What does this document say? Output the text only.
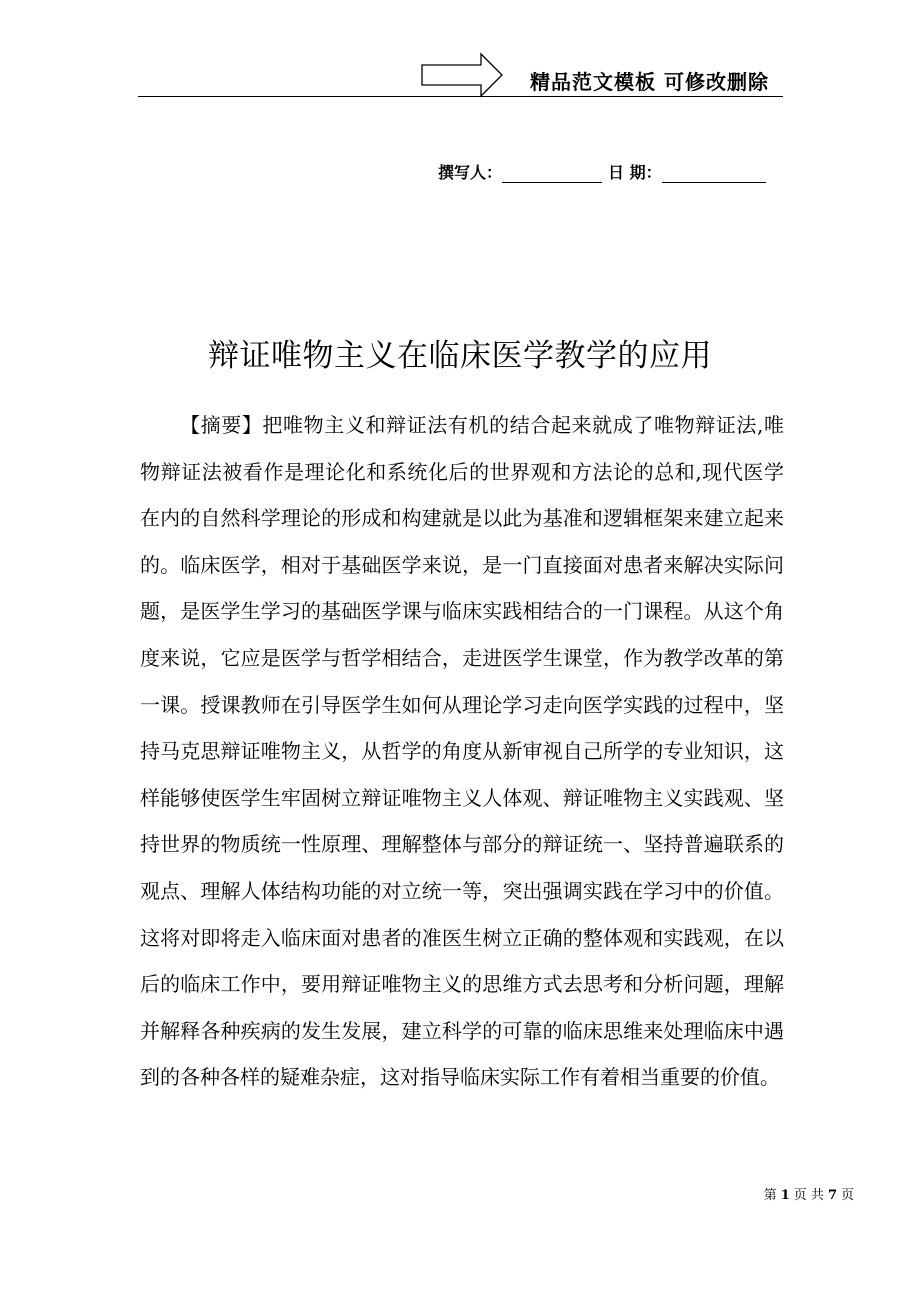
精品范文模板 可修改删除
撰写人：	日 期：
辩证唯物主义在临床医学教学的应用

【摘要】把唯物主义和辩证法有机的结合起来就成了唯物辩证法,唯物辩证法被看作是理论化和系统化后的世界观和方法论的总和,现代医学在内的自然科学理论的形成和构建就是以此为基准和逻辑框架来建立起来的。临床医学，相对于基础医学来说，是一门直接面对患者来解决实际问题，是医学生学习的基础医学课与临床实践相结合的一门课程。从这个角度来说，它应是医学与哲学相结合，走进医学生课堂，作为教学改革的第一课。授课教师在引导医学生如何从理论学习走向医学实践的过程中，坚持马克思辩证唯物主义，从哲学的角度从新审视自己所学的专业知识，这样能够使医学生牢固树立辩证唯物主义人体观、辩证唯物主义实践观、坚持世界的物质统一性原理、理解整体与部分的辩证统一、坚持普遍联系的观点、理解人体结构功能的对立统一等，突出强调实践在学习中的价值。这将对即将走入临床面对患者的准医生树立正确的整体观和实践观，在以后的临床工作中，要用辩证唯物主义的思维方式去思考和分析问题，理解并解释各种疾病的发生发展，建立科学的可靠的临床思维来处理临床中遇到的各种各样的疑难杂症，这对指导临床实际工作有着相当重要的价值。

第 1 页 共 7 页
